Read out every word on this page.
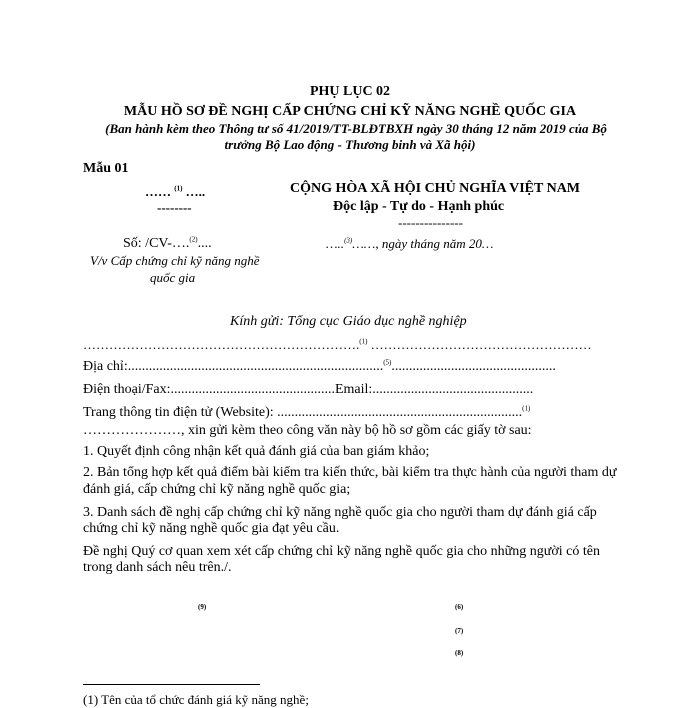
PHỤ LỤC 02
MẪU HỒ SƠ ĐỀ NGHỊ CẤP CHỨNG CHỈ KỸ NĂNG NGHỀ QUỐC GIA
(Ban hành kèm theo Thông tư số 41/2019/TT-BLĐTBXH ngày 30 tháng 12 năm 2019 của Bộ
trưởng Bộ Lao động - Thương binh và Xã hội)
Mẫu 01
…… $^{(1)}$ …..
--------
Số: /CV-….$^{(2)}$....
V/v Cấp chứng chỉ kỹ năng nghề
quốc gia
CỘNG HÒA XÃ HỘI CHỦ NGHĨA VIỆT NAM
Độc lập - Tự do - Hạnh phúc
---------------
…..$^{(3)}$……, ngày tháng năm 20…
Kính gửi: Tổng cục Giáo dục nghề nghiệp
……………………………………………………….$^{(1)}$ ……………………………………………
Địa chỉ:.........................................................................$^{(5)}$...............................................
Điện thoại/Fax:...............................................Email:..............................................
Trang thông tin điện tử (Website): ......................................................................$^{(1)}$
…………………, xin gửi kèm theo công văn này bộ hồ sơ gồm các giấy tờ sau:
1. Quyết định công nhận kết quả đánh giá của ban giám khảo;
2. Bản tổng hợp kết quả điểm bài kiểm tra kiến thức, bài kiểm tra thực hành của người tham dự
đánh giá, cấp chứng chỉ kỹ năng nghề quốc gia;
3. Danh sách đề nghị cấp chứng chỉ kỹ năng nghề quốc gia cho người tham dự đánh giá cấp
chứng chỉ kỹ năng nghề quốc gia đạt yêu cầu.
Đề nghị Quý cơ quan xem xét cấp chứng chỉ kỹ năng nghề quốc gia cho những người có tên
trong danh sách nêu trên./.
(9)	(6)
(7)
(8)
(1) Tên của tổ chức đánh giá kỹ năng nghề;
